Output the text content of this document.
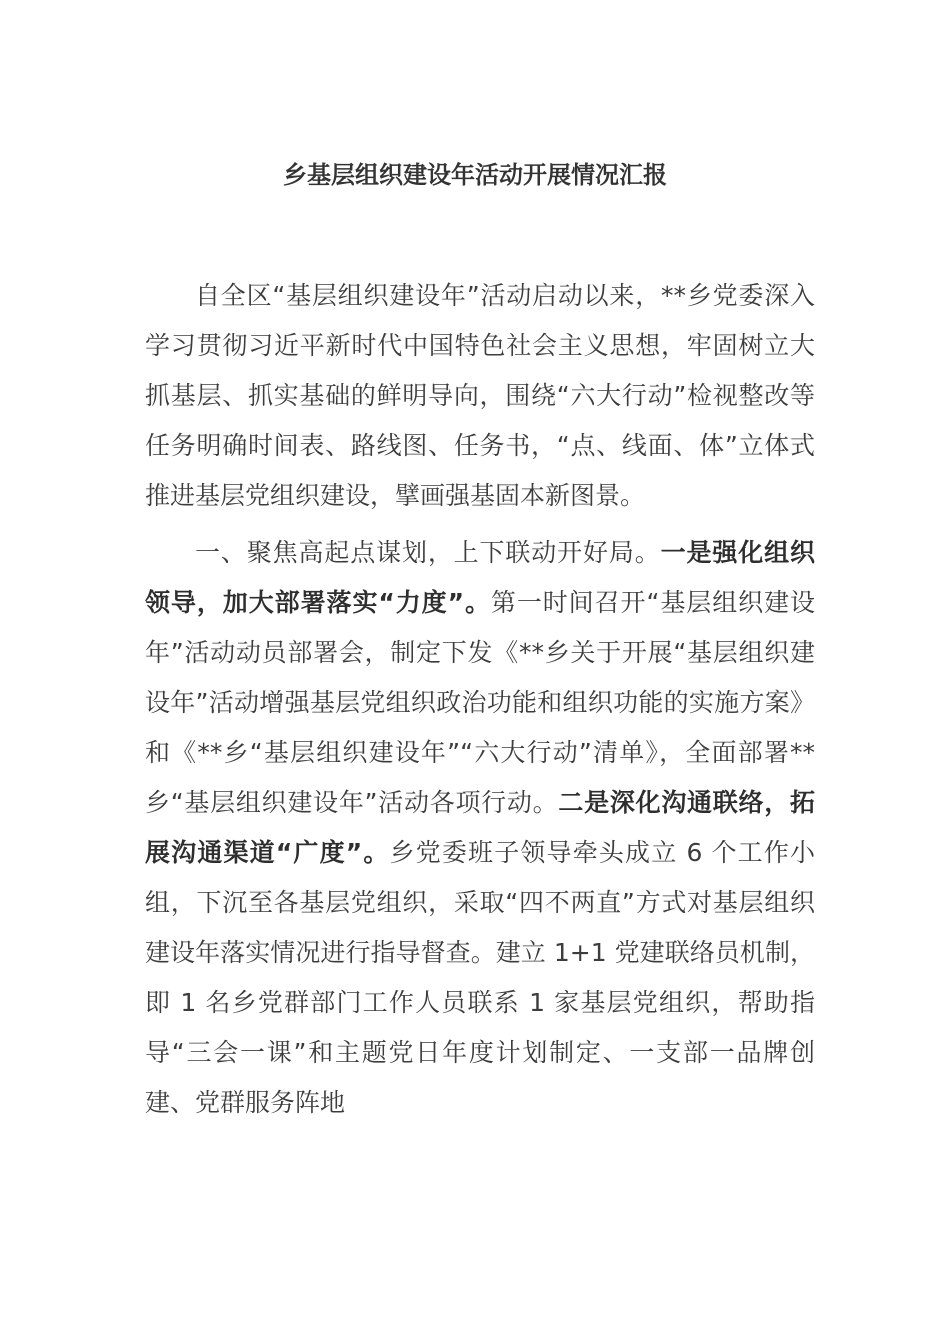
乡基层组织建设年活动开展情况汇报

自全区“基层组织建设年”活动启动以来，**乡党委深入学习贯彻习近平新时代中国特色社会主义思想，牢固树立大抓基层、抓实基础的鲜明导向，围绕“六大行动”检视整改等任务明确时间表、路线图、任务书，“点、线面、体”立体式推进基层党组织建设，擘画强基固本新图景。

一、聚焦高起点谋划，上下联动开好局。一是强化组织领导，加大部署落实“力度”。第一时间召开“基层组织建设年”活动动员部署会，制定下发《**乡关于开展“基层组织建设年”活动增强基层党组织政治功能和组织功能的实施方案》和《**乡“基层组织建设年”“六大行动”清单》，全面部署**乡“基层组织建设年”活动各项行动。二是深化沟通联络，拓展沟通渠道“广度”。乡党委班子领导牵头成立 6 个工作小组，下沉至各基层党组织，采取“四不两直”方式对基层组织建设年落实情况进行指导督查。建立 1+1 党建联络员机制，即 1 名乡党群部门工作人员联系 1 家基层党组织，帮助指导“三会一课”和主题党日年度计划制定、一支部一品牌创建、党群服务阵地
